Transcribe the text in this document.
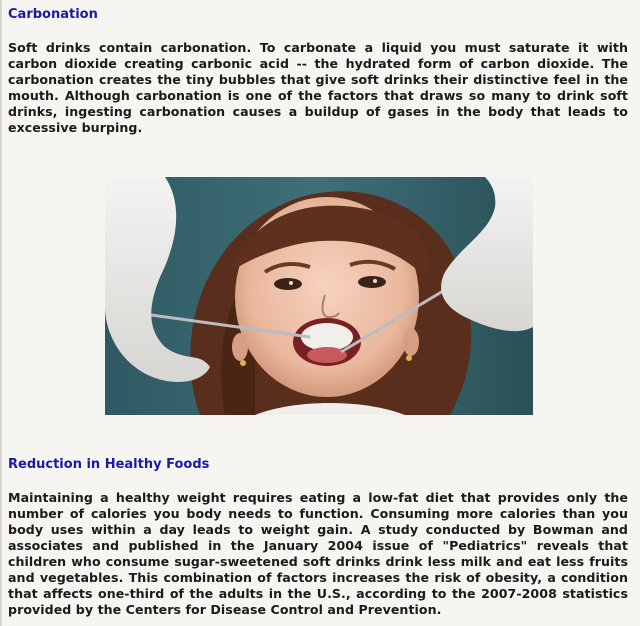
Carbonation

Soft drinks contain carbonation. To carbonate a liquid you must saturate it with carbon dioxide creating carbonic acid -- the hydrated form of carbon dioxide. The carbonation creates the tiny bubbles that give soft drinks their distinctive feel in the mouth. Although carbonation is one of the factors that draws so many to drink soft drinks, ingesting carbonation causes a buildup of gases in the body that leads to excessive burping.

Reduction in Healthy Foods

Maintaining a healthy weight requires eating a low-fat diet that provides only the number of calories you body needs to function. Consuming more calories than you body uses within a day leads to weight gain. A study conducted by Bowman and associates and published in the January 2004 issue of "Pediatrics" reveals that children who consume sugar-sweetened soft drinks drink less milk and eat less fruits and vegetables. This combination of factors increases the risk of obesity, a condition that affects one-third of the adults in the U.S., according to the 2007-2008 statistics provided by the Centers for Disease Control and Prevention.
